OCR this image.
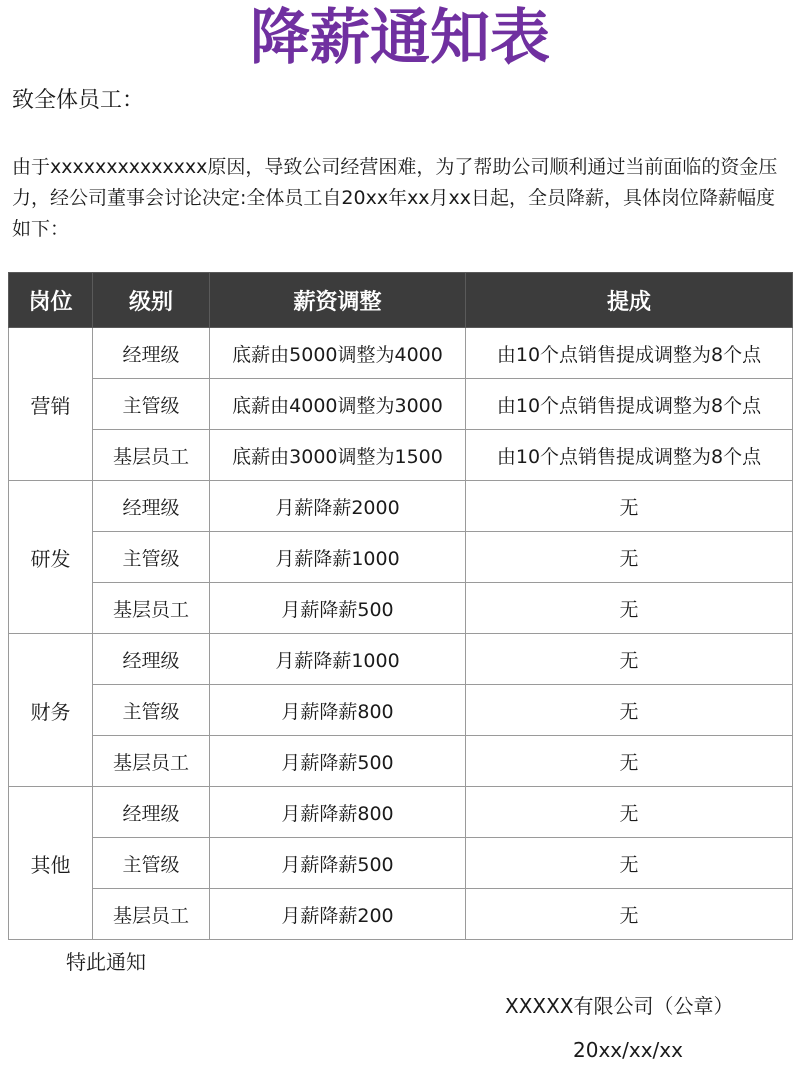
降薪通知表
致全体员工：
由于xxxxxxxxxxxxxx原因，导致公司经营困难，为了帮助公司顺利通过当前面临的资金压力，经公司董事会讨论决定:全体员工自20xx年xx月xx日起，全员降薪，具体岗位降薪幅度如下：
岗位	级别	薪资调整	提成
营销	经理级	底薪由5000调整为4000	由10个点销售提成调整为8个点
	主管级	底薪由4000调整为3000	由10个点销售提成调整为8个点
	基层员工	底薪由3000调整为1500	由10个点销售提成调整为8个点
研发	经理级	月薪降薪2000	无
	主管级	月薪降薪1000	无
	基层员工	月薪降薪500	无
财务	经理级	月薪降薪1000	无
	主管级	月薪降薪800	无
	基层员工	月薪降薪500	无
其他	经理级	月薪降薪800	无
	主管级	月薪降薪500	无
	基层员工	月薪降薪200	无
特此通知
XXXXX有限公司（公章）
20xx/xx/xx
